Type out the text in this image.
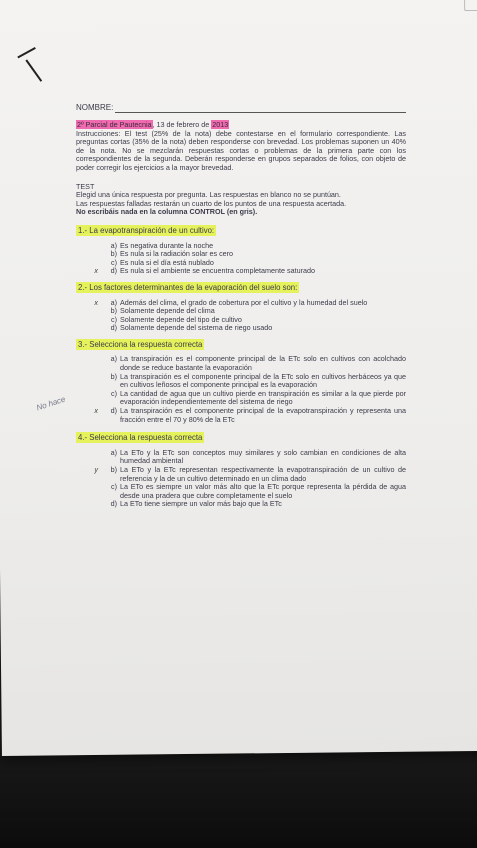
No hace
NOMBRE:
2º Parcial de Pautecnia, 13 de febrero de 2013
Instrucciones: El test (25% de la nota) debe contestarse en el formulario correspondiente. Las preguntas cortas (35% de la nota) deben responderse con brevedad. Los problemas suponen un 40% de la nota. No se mezclarán respuestas cortas o problemas de la primera parte con los correspondientes de la segunda. Deberán responderse en grupos separados de folios, con objeto de poder corregir los ejercicios a la mayor brevedad.
TEST
Elegid una única respuesta por pregunta. Las respuestas en blanco no se puntúan.
Las respuestas falladas restarán un cuarto de los puntos de una respuesta acertada.
No escribáis nada en la columna CONTROL (en gris).
1.- La evapotranspiración de un cultivo:
a) Es negativa durante la noche
b) Es nula si la radiación solar es cero
c) Es nula si el día está nublado
x	d) Es nula si el ambiente se encuentra completamente saturado
2.- Los factores determinantes de la evaporación del suelo son:
x	a) Además del clima, el grado de cobertura por el cultivo y la humedad del suelo
b) Solamente depende del clima
c) Solamente depende del tipo de cultivo
d) Solamente depende del sistema de riego usado
3.- Selecciona la respuesta correcta
a) La transpiración es el componente principal de la ETc solo en cultivos con acolchado donde se reduce bastante la evaporación
b) La transpiración es el componente principal de la ETc solo en cultivos herbáceos ya que en cultivos leñosos el componente principal es la evaporación
c) La cantidad de agua que un cultivo pierde en transpiración es similar a la que pierde por evaporación independientemente del sistema de riego
x	d) La transpiración es el componente principal de la evapotranspiración y representa una fracción entre el 70 y 80% de la ETc
4.- Selecciona la respuesta correcta
a) La ETo y la ETc son conceptos muy similares y solo cambian en condiciones de alta humedad ambiental
y	b) La ETo y la ETc representan respectivamente la evapotranspiración de un cultivo de referencia y la de un cultivo determinado en un clima dado
c) La ETo es siempre un valor más alto que la ETc porque representa la pérdida de agua desde una pradera que cubre completamente el suelo
d) La ETo tiene siempre un valor más bajo que la ETc
